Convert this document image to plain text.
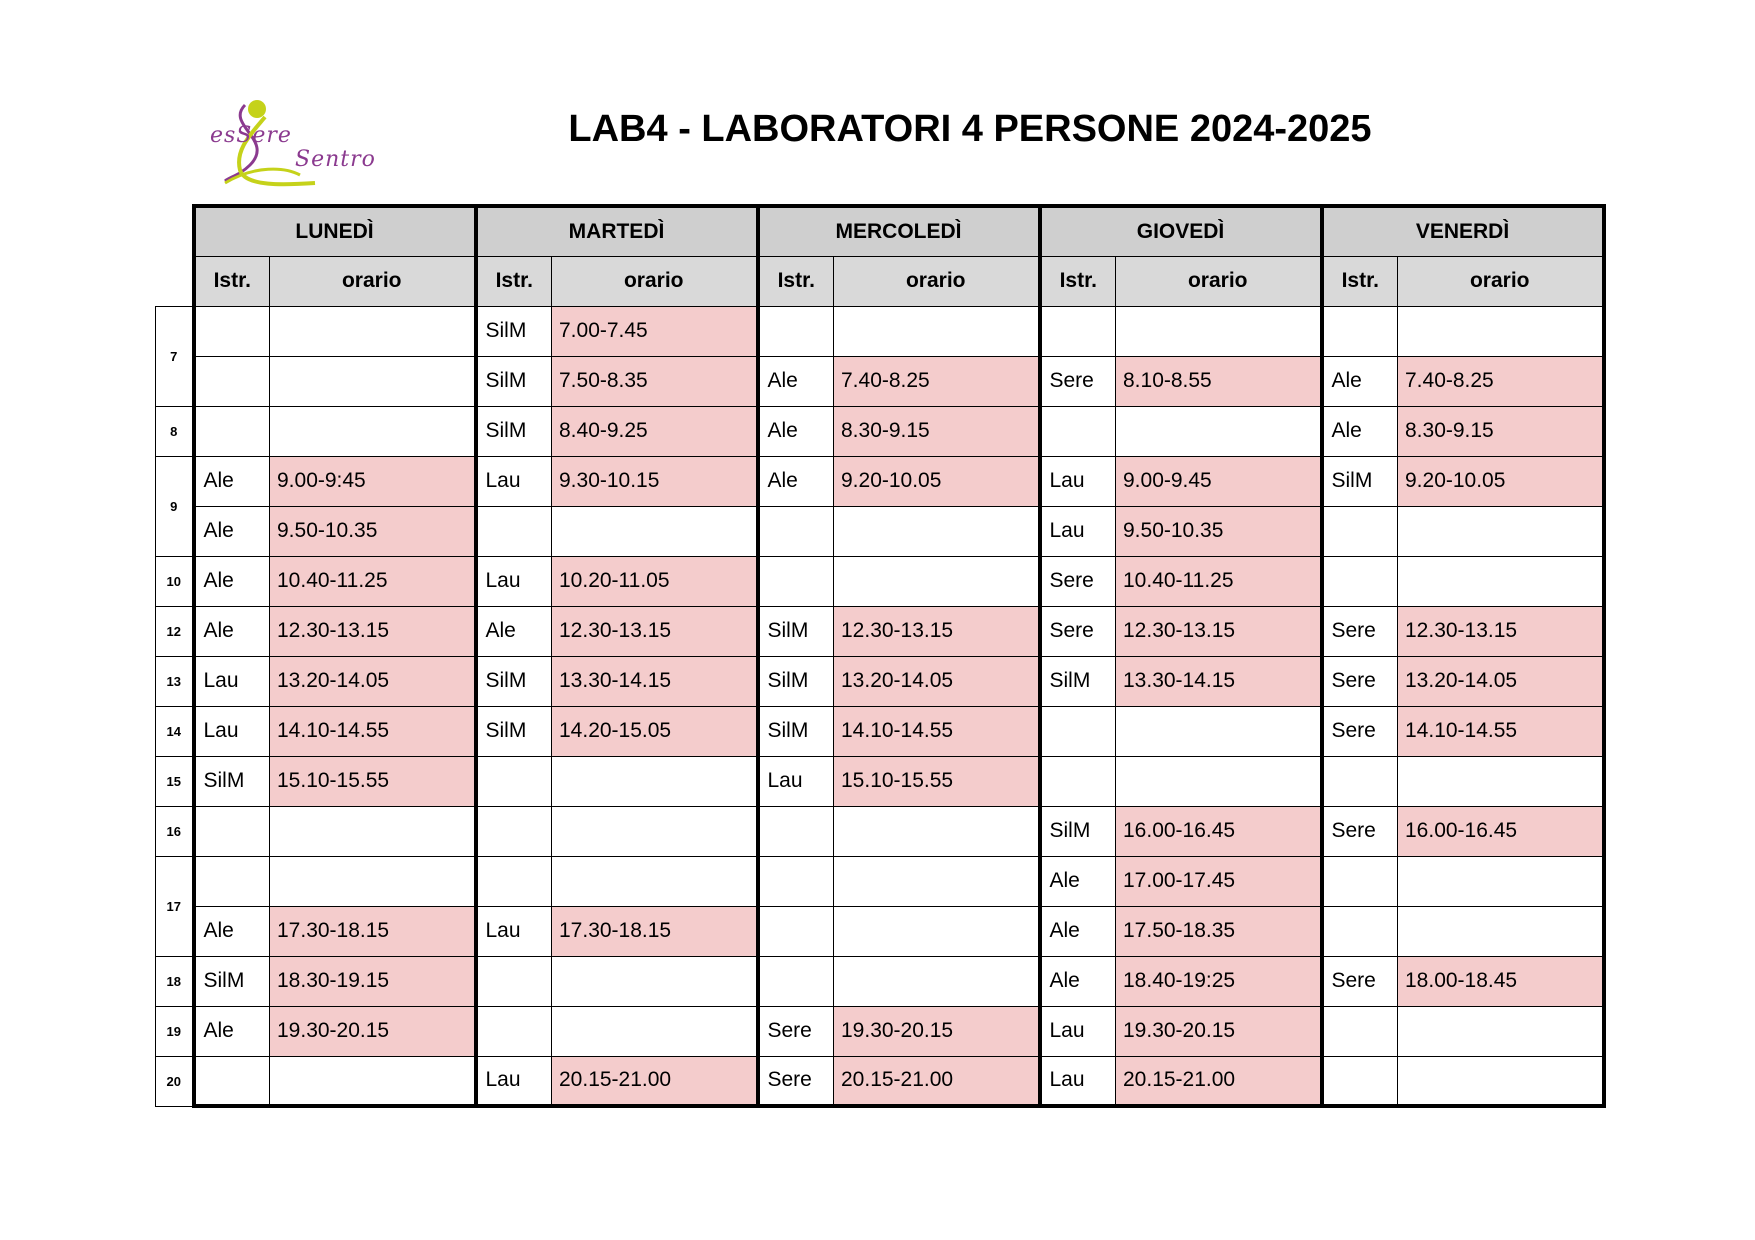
esSere
Sentro
LAB4 - LABORATORI 4 PERSONE 2024-2025
	LUNEDÌ		MARTEDÌ		MERCOLEDÌ		GIOVEDÌ		VENERDÌ	
	Istr.	orario	Istr.	orario	Istr.	orario	Istr.	orario	Istr.	orario
7			SilM	7.00-7.45						
			SilM	7.50-8.35	Ale	7.40-8.25	Sere	8.10-8.55	Ale	7.40-8.25
8			SilM	8.40-9.25	Ale	8.30-9.15			Ale	8.30-9.15
9	Ale	9.00-9:45	Lau	9.30-10.15	Ale	9.20-10.05	Lau	9.00-9.45	SilM	9.20-10.05
	Ale	9.50-10.35					Lau	9.50-10.35		
10	Ale	10.40-11.25	Lau	10.20-11.05			Sere	10.40-11.25		
12	Ale	12.30-13.15	Ale	12.30-13.15	SilM	12.30-13.15	Sere	12.30-13.15	Sere	12.30-13.15
13	Lau	13.20-14.05	SilM	13.30-14.15	SilM	13.20-14.05	SilM	13.30-14.15	Sere	13.20-14.05
14	Lau	14.10-14.55	SilM	14.20-15.05	SilM	14.10-14.55			Sere	14.10-14.55
15	SilM	15.10-15.55			Lau	15.10-15.55				
16							SilM	16.00-16.45	Sere	16.00-16.45
17							Ale	17.00-17.45		
	Ale	17.30-18.15	Lau	17.30-18.15			Ale	17.50-18.35		
18	SilM	18.30-19.15					Ale	18.40-19:25	Sere	18.00-18.45
19	Ale	19.30-20.15			Sere	19.30-20.15	Lau	19.30-20.15		
20			Lau	20.15-21.00	Sere	20.15-21.00	Lau	20.15-21.00		
